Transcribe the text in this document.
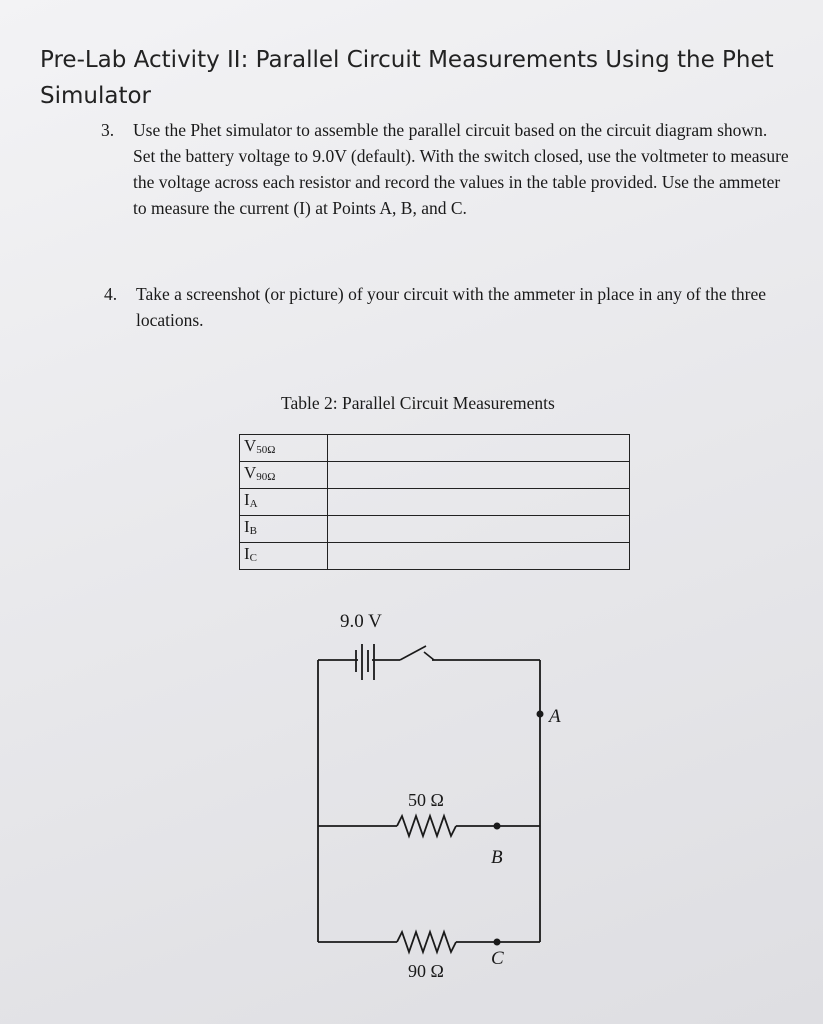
Pre-Lab Activity II: Parallel Circuit Measurements Using the Phet Simulator
3. Use the Phet simulator to assemble the parallel circuit based on the circuit diagram shown. Set the battery voltage to 9.0V (default). With the switch closed, use the voltmeter to measure the voltage across each resistor and record the values in the table provided. Use the ammeter to measure the current (I) at Points A, B, and C.
4. Take a screenshot (or picture) of your circuit with the ammeter in place in any of the three locations.
Table 2: Parallel Circuit Measurements
$V_{50\Omega}$	
$V_{90\Omega}$	
$I_A$	
$I_B$	
$I_C$	
9.0 V
50 Ω
90 Ω
A
B
C
